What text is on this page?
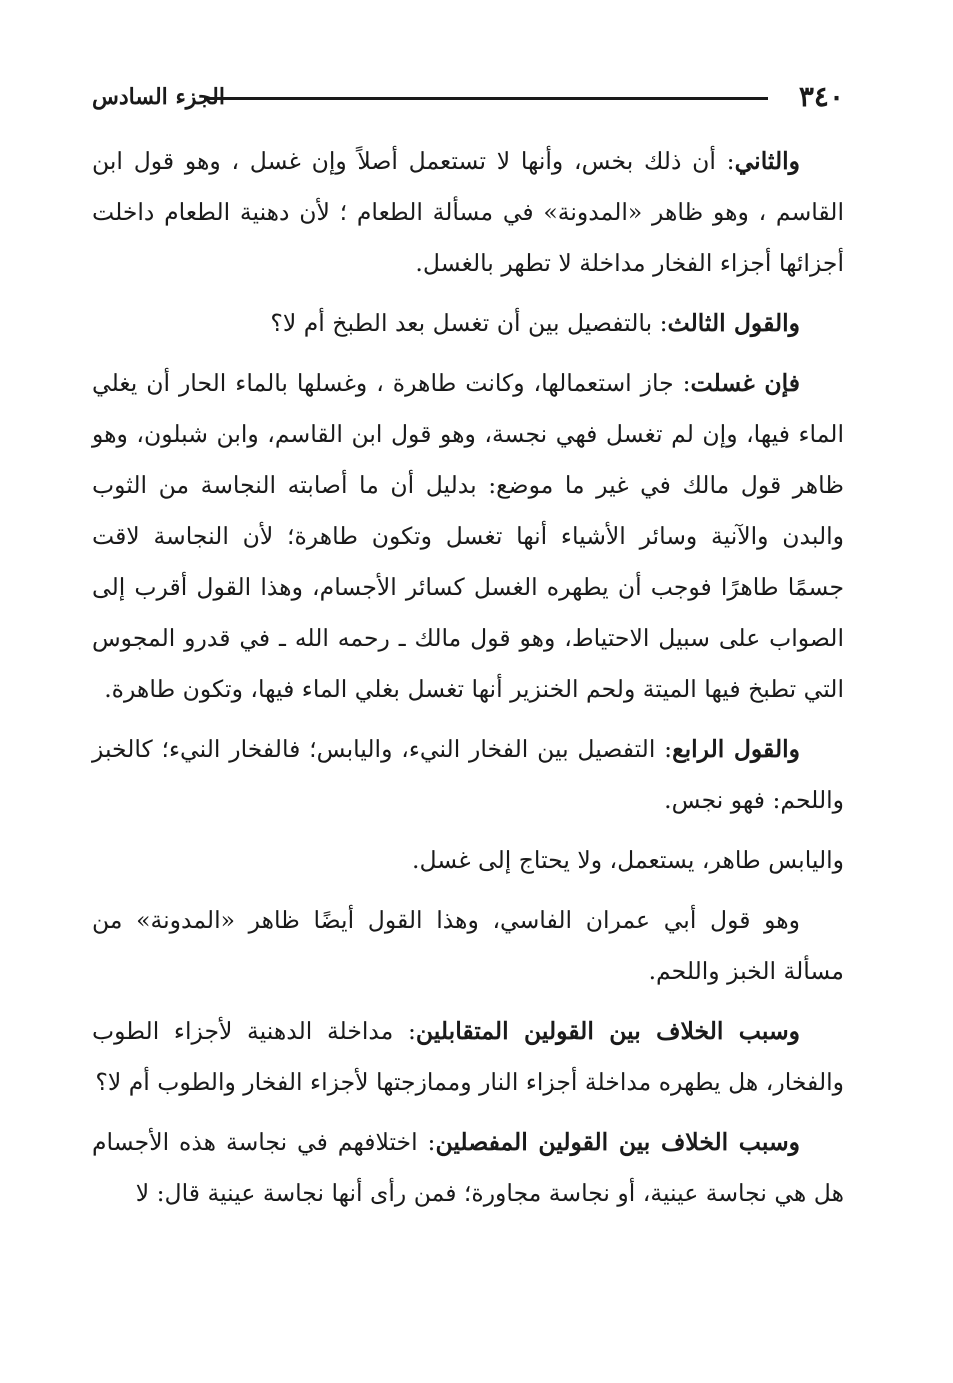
٣٤٠
الجزء السادس

والثاني: أن ذلك بخس، وأنها لا تستعمل أصلاً وإن غسل ، وهو قول ابن القاسم ، وهو ظاهر «المدونة» في مسألة الطعام ؛ لأن دهنية الطعام داخلت أجزائها أجزاء الفخار مداخلة لا تطهر بالغسل.

والقول الثالث: بالتفصيل بين أن تغسل بعد الطبخ أم لا؟

فإن غسلت: جاز استعمالها، وكانت طاهرة ، وغسلها بالماء الحار أن يغلي الماء فيها، وإن لم تغسل فهي نجسة، وهو قول ابن القاسم، وابن شبلون، وهو ظاهر قول مالك في غير ما موضع: بدليل أن ما أصابته النجاسة من الثوب والبدن والآنية وسائر الأشياء أنها تغسل وتكون طاهرة؛ لأن النجاسة لاقت جسمًا طاهرًا فوجب أن يطهره الغسل كسائر الأجسام، وهذا القول أقرب إلى الصواب على سبيل الاحتياط، وهو قول مالك ـ رحمه الله ـ في قدرو المجوس التي تطبخ فيها الميتة ولحم الخنزير أنها تغسل بغلي الماء فيها، وتكون طاهرة.

والقول الرابع: التفصيل بين الفخار النيء، واليابس؛ فالفخار النيء؛ كالخبز واللحم: فهو نجس.

واليابس طاهر، يستعمل، ولا يحتاج إلى غسل.

وهو قول أبي عمران الفاسي، وهذا القول أيضًا ظاهر «المدونة» من مسألة الخبز واللحم.

وسبب الخلاف بين القولين المتقابلين: مداخلة الدهنية لأجزاء الطوب والفخار، هل يطهره مداخلة أجزاء النار وممازجتها لأجزاء الفخار والطوب أم لا؟

وسبب الخلاف بين القولين المفصلين: اختلافهم في نجاسة هذه الأجسام هل هي نجاسة عينية، أو نجاسة مجاورة؛ فمن رأى أنها نجاسة عينية قال: لا
